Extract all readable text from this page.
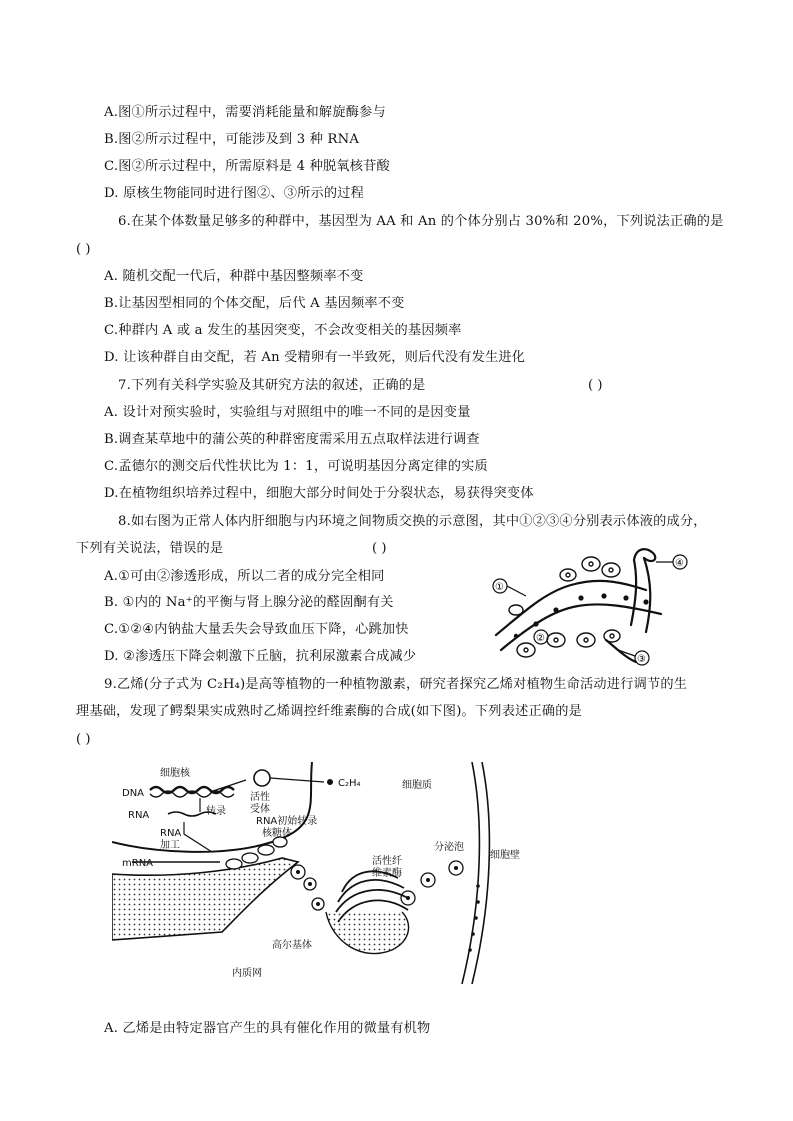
A.图①所示过程中，需要消耗能量和解旋酶参与
B.图②所示过程中，可能涉及到 3 种 RNA
C.图②所示过程中，所需原料是 4 种脱氧核苷酸
D. 原核生物能同时进行图②、③所示的过程
6.在某个体数量足够多的种群中，基因型为 AA 和 An 的个体分别占 30%和 20%，下列说法正确的是
( )
A. 随机交配一代后，种群中基因整频率不变
B.让基因型相同的个体交配，后代 A 基因频率不变
C.种群内 A 或 a 发生的基因突变，不会改变相关的基因频率
D. 让该种群自由交配，若 An 受精卵有一半致死，则后代没有发生进化
7.下列有关科学实验及其研究方法的叙述，正确的是	( )
A. 设计对预实验时，实验组与对照组中的唯一不同的是因变量
B.调查某草地中的蒲公英的种群密度需采用五点取样法进行调查
C.孟德尔的测交后代性状比为 1：1，可说明基因分离定律的实质
D.在植物组织培养过程中，细胞大部分时间处于分裂状态，易获得突变体
8.如右图为正常人体内肝细胞与内环境之间物质交换的示意图，其中①②③④分别表示体液的成分，
下列有关说法，错误的是	( )
A.①可由②渗透形成，所以二者的成分完全相同
B. ①内的 Na⁺的平衡与肾上腺分泌的醛固酮有关
C.①②④内钠盐大量丢失会导致血压下降，心跳加快
D. ②渗透压下降会刺激下丘脑，抗利尿激素合成减少
①
②
③
④
9.乙烯(分子式为 C₂H₄)是高等植物的一种植物激素，研究者探究乙烯对植物生命活动进行调节的生
理基础，发现了鳄梨果实成熟时乙烯调控纤维素酶的合成(如下图)。下列表述正确的是
( )
细胞核
DNA
RNA	转录
活性
受体
C₂H₄	细胞质
RNA
加工
RNA初始转录
核糖体
mRNA
分泌泡
活性纤
维素酶
细胞壁
高尔基体
内质网
A. 乙烯是由特定器官产生的具有催化作用的微量有机物
